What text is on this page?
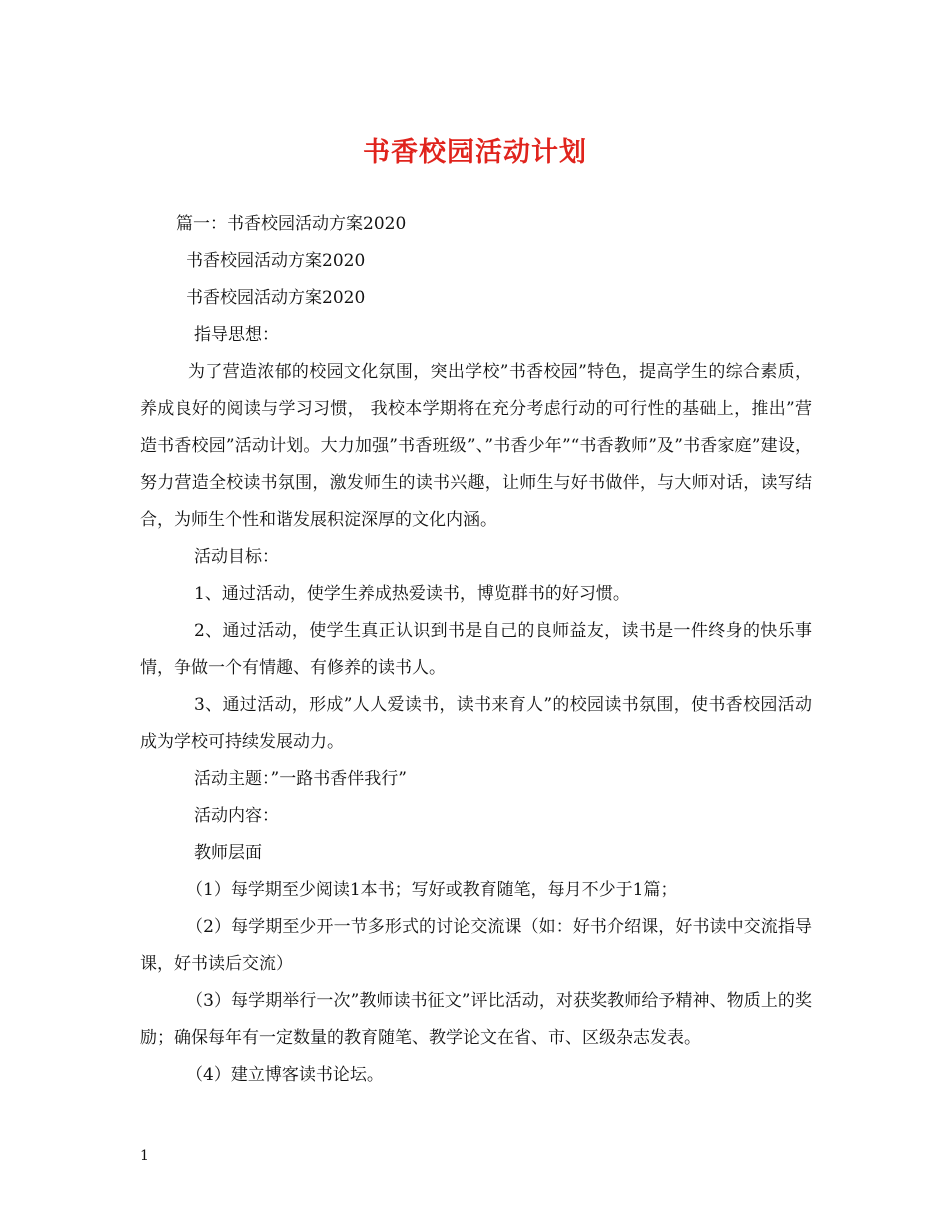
书香校园活动计划

篇一：书香校园活动方案2020

书香校园活动方案2020

书香校园活动方案2020

指导思想：

为了营造浓郁的校园文化氛围，突出学校”书香校园”特色，提高学生的综合素质，养成良好的阅读与学习习惯， 我校本学期将在充分考虑行动的可行性的基础上，推出”营造书香校园”活动计划。大力加强”书香班级”、”书香少年”“书香教师”及”书香家庭”建设，努力营造全校读书氛围，激发师生的读书兴趣，让师生与好书做伴，与大师对话，读写结合，为师生个性和谐发展积淀深厚的文化内涵。

活动目标：

1、通过活动，使学生养成热爱读书，博览群书的好习惯。

2、通过活动，使学生真正认识到书是自己的良师益友，读书是一件终身的快乐事情，争做一个有情趣、有修养的读书人。

3、通过活动，形成”人人爱读书，读书来育人”的校园读书氛围，使书香校园活动成为学校可持续发展动力。

活动主题：”一路书香伴我行”

活动内容：

教师层面

（1）每学期至少阅读1本书；写好或教育随笔，每月不少于1篇；

（2）每学期至少开一节多形式的讨论交流课（如：好书介绍课，好书读中交流指导课，好书读后交流）

（3）每学期举行一次”教师读书征文”评比活动，对获奖教师给予精神、物质上的奖励；确保每年有一定数量的教育随笔、教学论文在省、市、区级杂志发表。

（4）建立博客读书论坛。

1
